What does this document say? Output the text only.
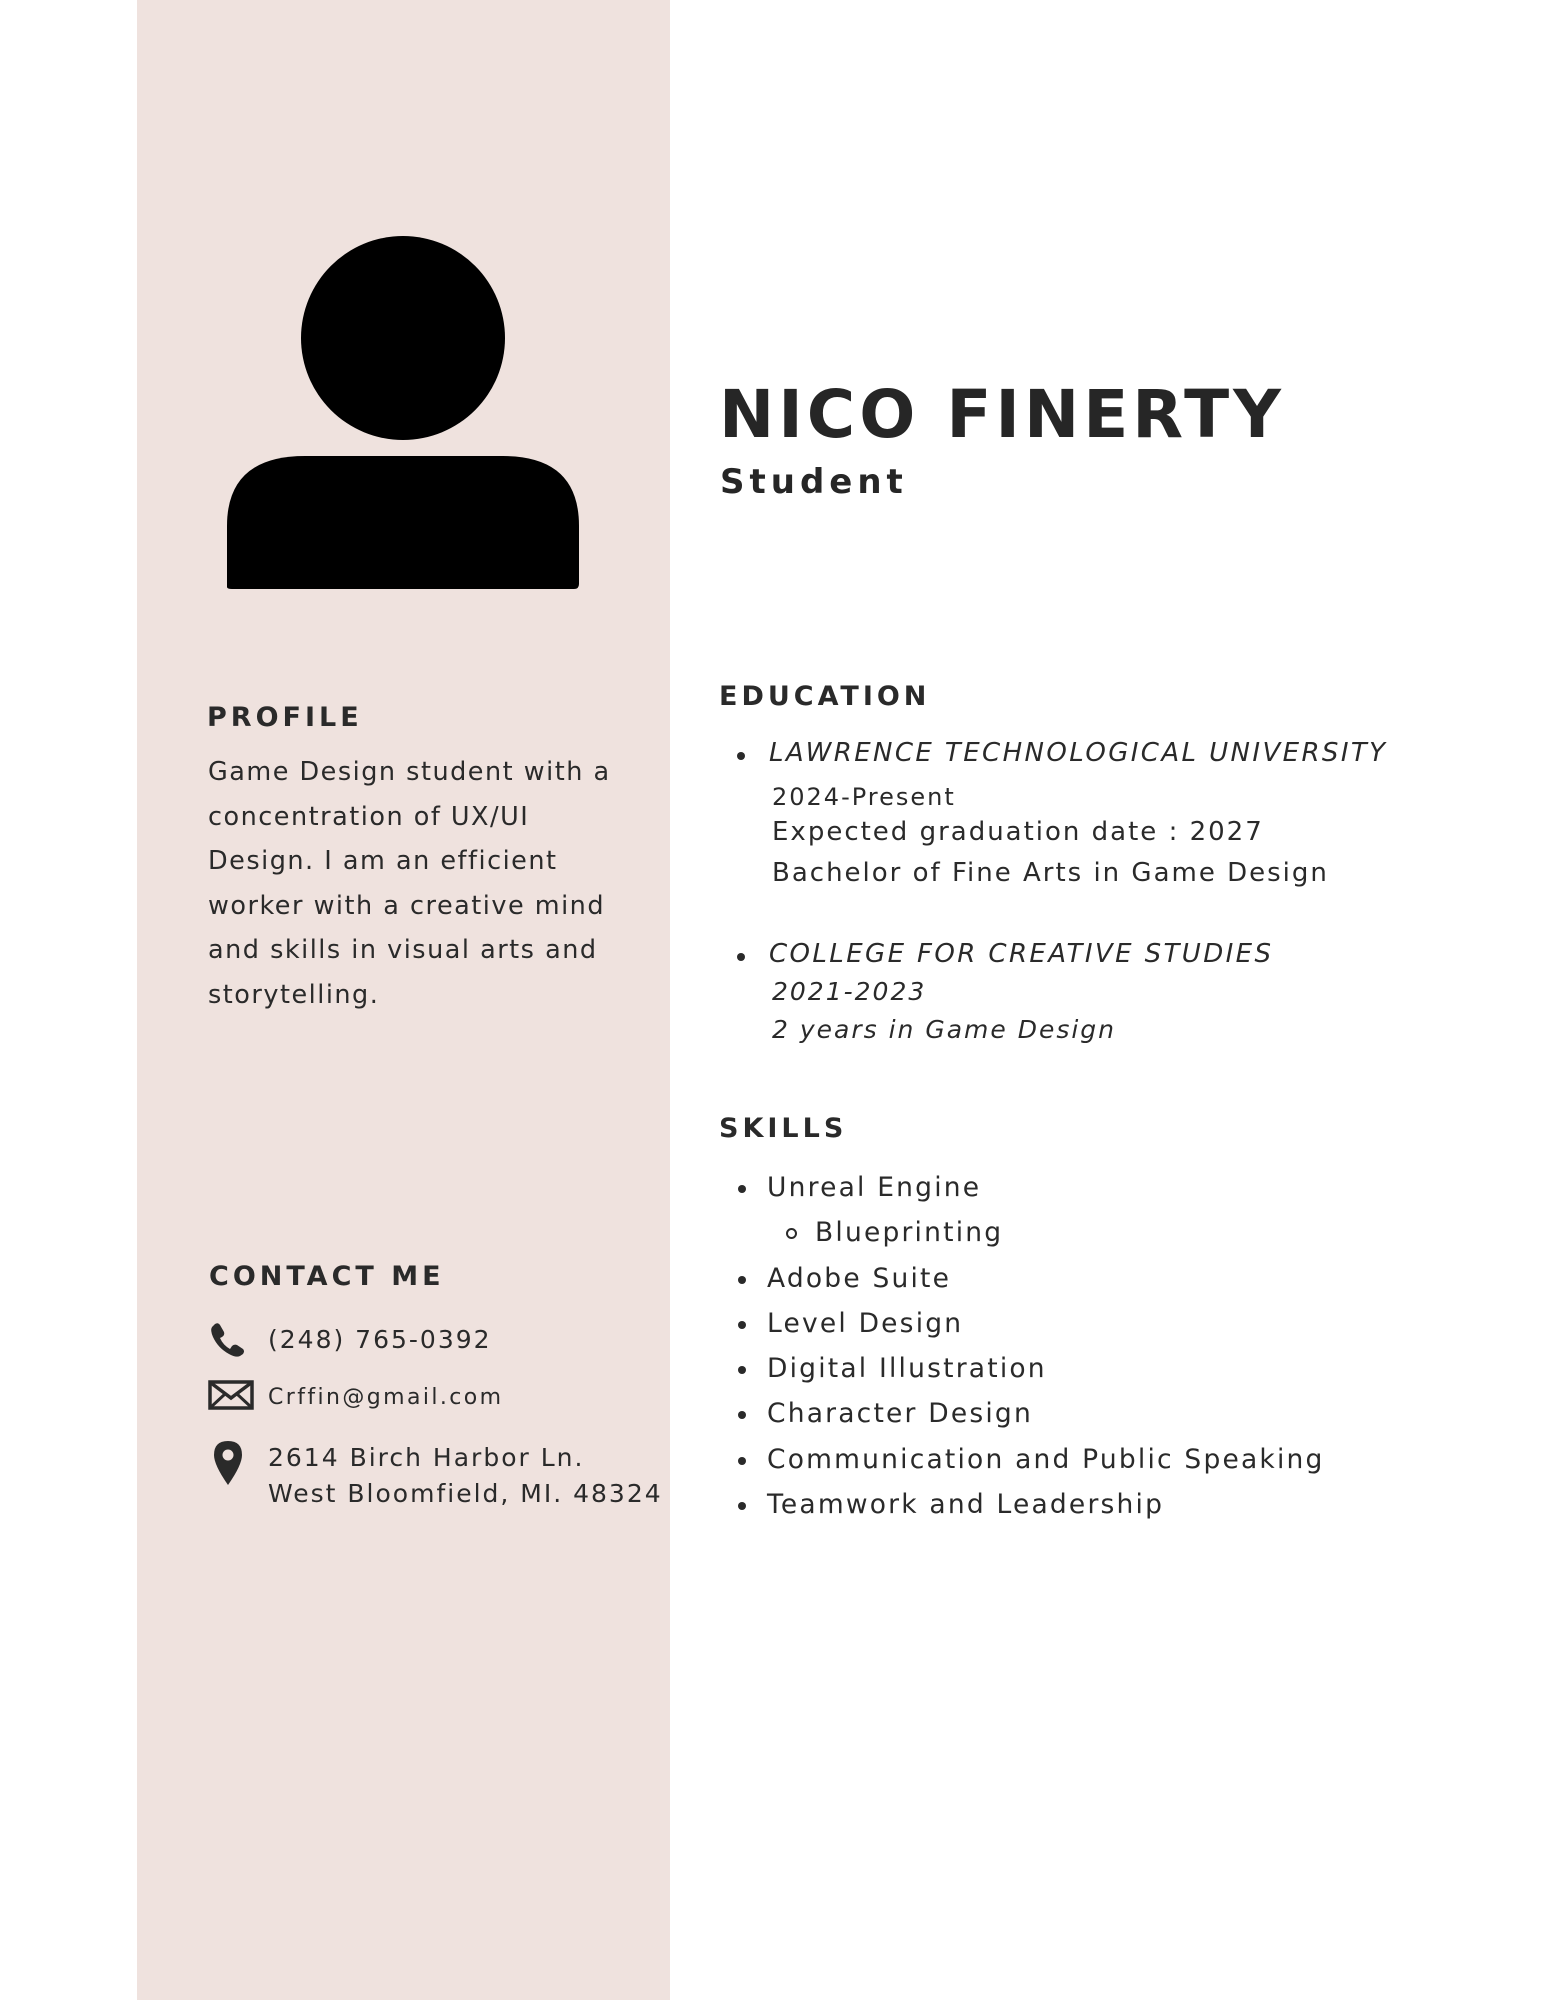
PROFILE

Game Design student with a concentration of UX/UI Design. I am an efficient worker with a creative mind and skills in visual arts and storytelling.

CONTACT ME
(248) 765-0392
Crffin@gmail.com
2614 Birch Harbor Ln.
West Bloomfield, MI. 48324
NICO FINERTY
Student
EDUCATION
LAWRENCE TECHNOLOGICAL UNIVERSITY
2024-Present
Expected graduation date : 2027
Bachelor of Fine Arts in Game Design
COLLEGE FOR CREATIVE STUDIES
2021-2023
2 years in Game Design
SKILLS
Unreal Engine
Blueprinting
Adobe Suite
Level Design
Digital Illustration
Character Design
Communication and Public Speaking
Teamwork and Leadership
